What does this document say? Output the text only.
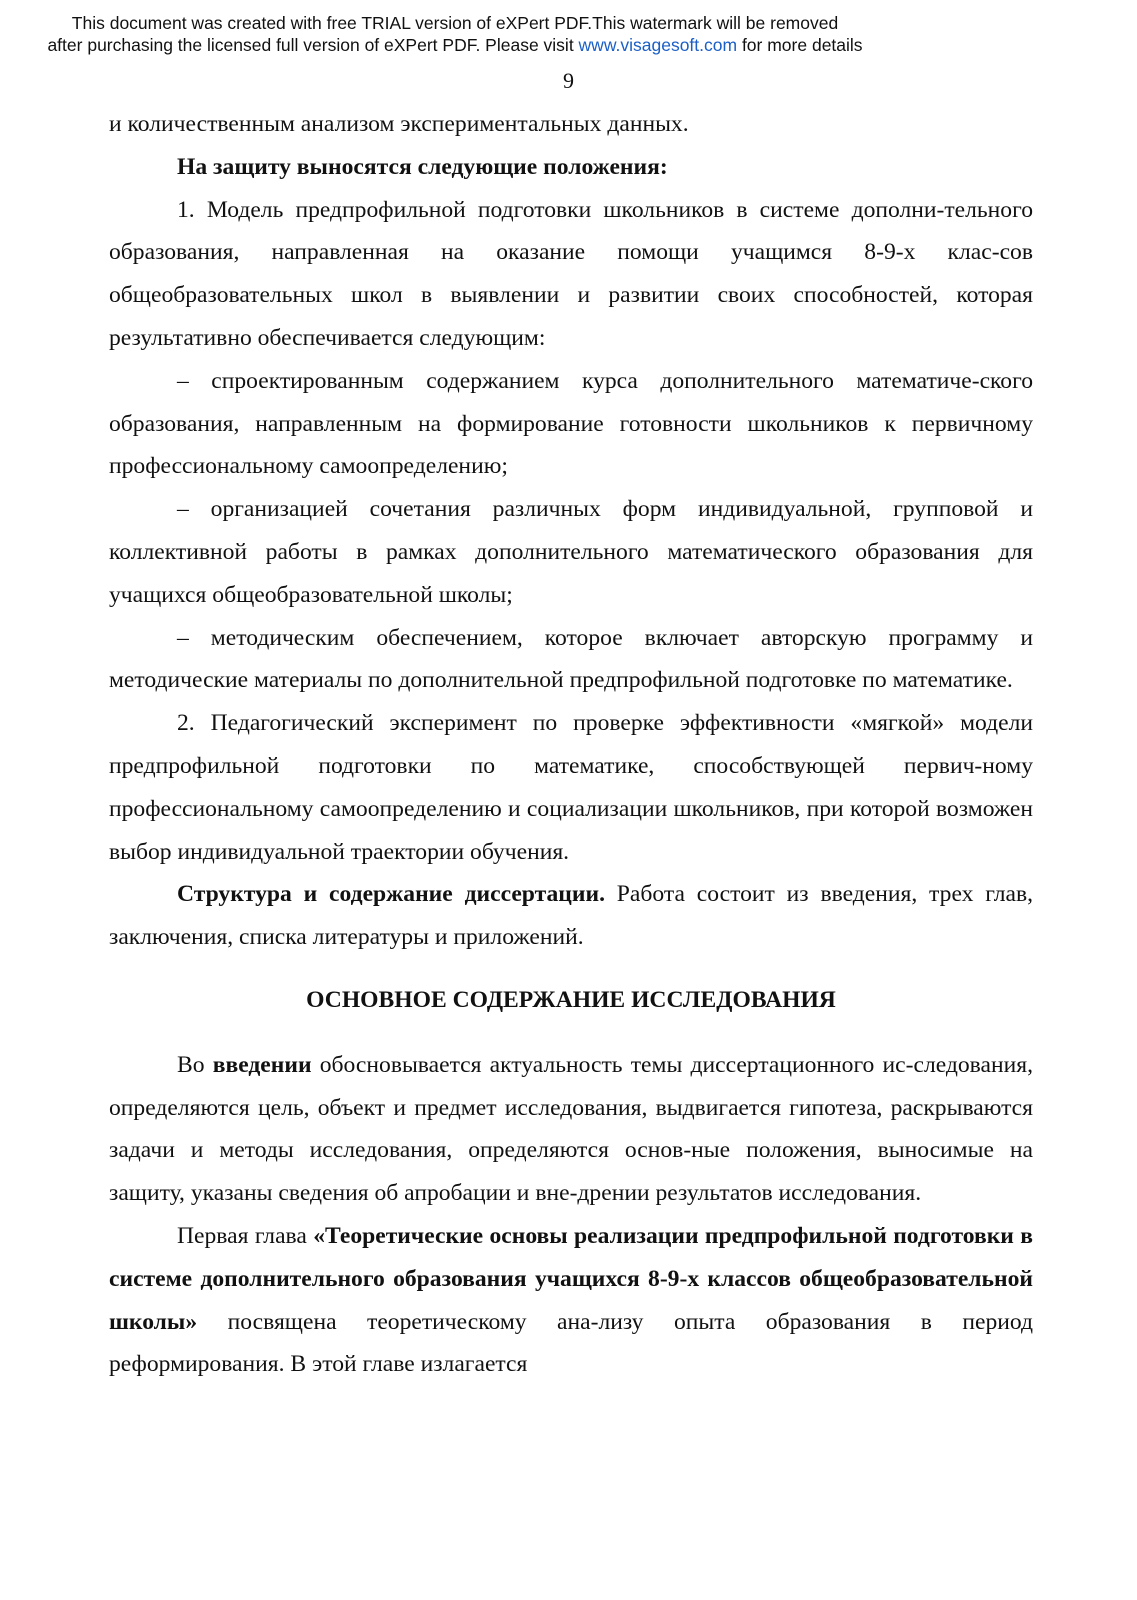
This document was created with free TRIAL version of eXPert PDF.This watermark will be removed
after purchasing the licensed full version of eXPert PDF. Please visit www.visagesoft.com for more details
9

и количественным анализом экспериментальных данных.

На защиту выносятся следующие положения:

1. Модель предпрофильной подготовки школьников в системе дополни-тельного образования, направленная на оказание помощи учащимся 8-9-х клас-сов общеобразовательных школ в выявлении и развитии своих способностей, которая результативно обеспечивается следующим:

– спроектированным содержанием курса дополнительного математиче-ского образования, направленным на формирование готовности школьников к первичному профессиональному самоопределению;

– организацией сочетания различных форм индивидуальной, групповой и коллективной работы в рамках дополнительного математического образования для учащихся общеобразовательной школы;

– методическим обеспечением, которое включает авторскую программу и методические материалы по дополнительной предпрофильной подготовке по математике.

2. Педагогический эксперимент по проверке эффективности «мягкой» модели предпрофильной подготовки по математике, способствующей первич-ному профессиональному самоопределению и социализации школьников, при которой возможен выбор индивидуальной траектории обучения.

Структура и содержание диссертации. Работа состоит из введения, трех глав, заключения, списка литературы и приложений.

ОСНОВНОЕ СОДЕРЖАНИЕ ИССЛЕДОВАНИЯ

Во введении обосновывается актуальность темы диссертационного ис-следования, определяются цель, объект и предмет исследования, выдвигается гипотеза, раскрываются задачи и методы исследования, определяются основ-ные положения, выносимые на защиту, указаны сведения об апробации и вне-дрении результатов исследования.

Первая глава «Теоретические основы реализации предпрофильной подготовки в системе дополнительного образования учащихся 8-9-х классов общеобразовательной школы» посвящена теоретическому ана-лизу опыта образования в период реформирования. В этой главе излагается
